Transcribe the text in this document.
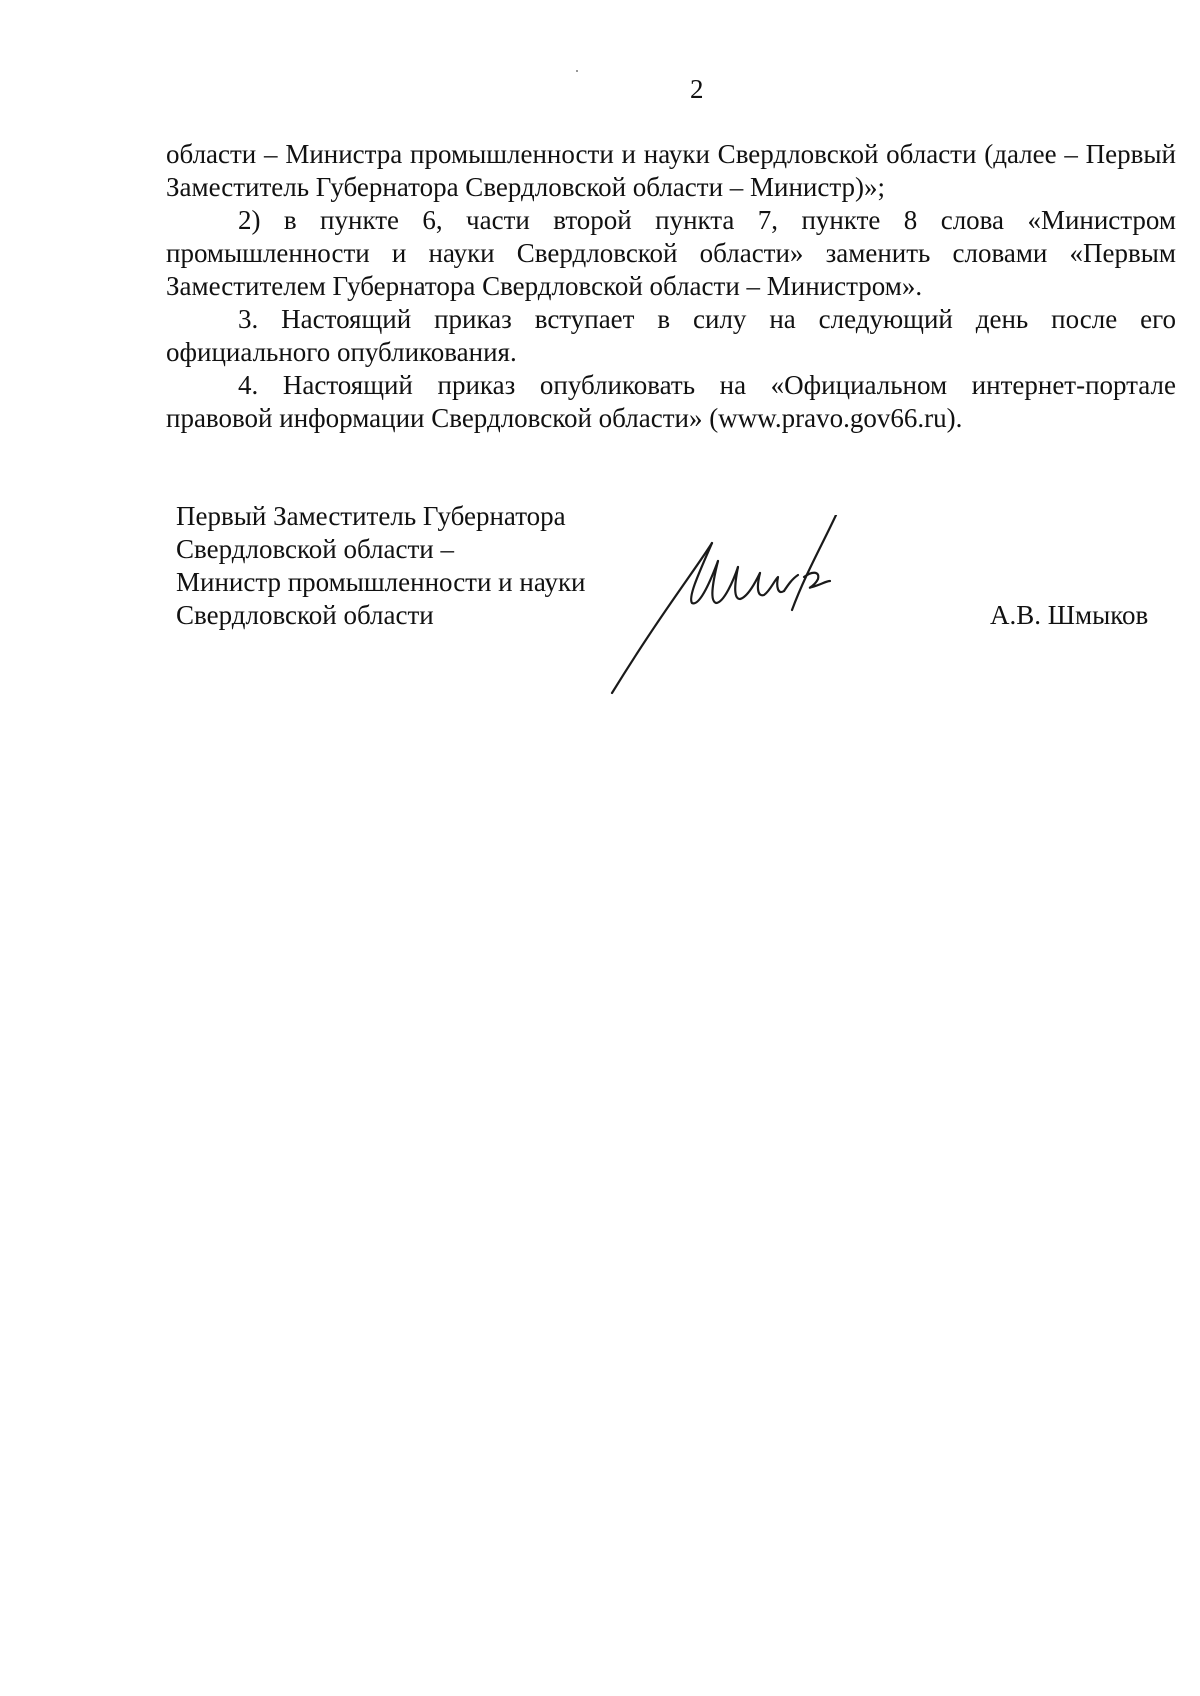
2

области – Министра промышленности и науки Свердловской области (далее – Первый Заместитель Губернатора Свердловской области – Министр)»;

2) в пункте 6, части второй пункта 7, пункте 8 слова «Министром промышленности и науки Свердловской области» заменить словами «Первым Заместителем Губернатора Свердловской области – Министром».

3. Настоящий приказ вступает в силу на следующий день после его официального опубликования.

4. Настоящий приказ опубликовать на «Официальном интернет-портале правовой информации Свердловской области» (www.pravo.gov66.ru).

Первый Заместитель Губернатора
Свердловской области –
Министр промышленности и науки
Свердловской области	А.В. Шмыков
